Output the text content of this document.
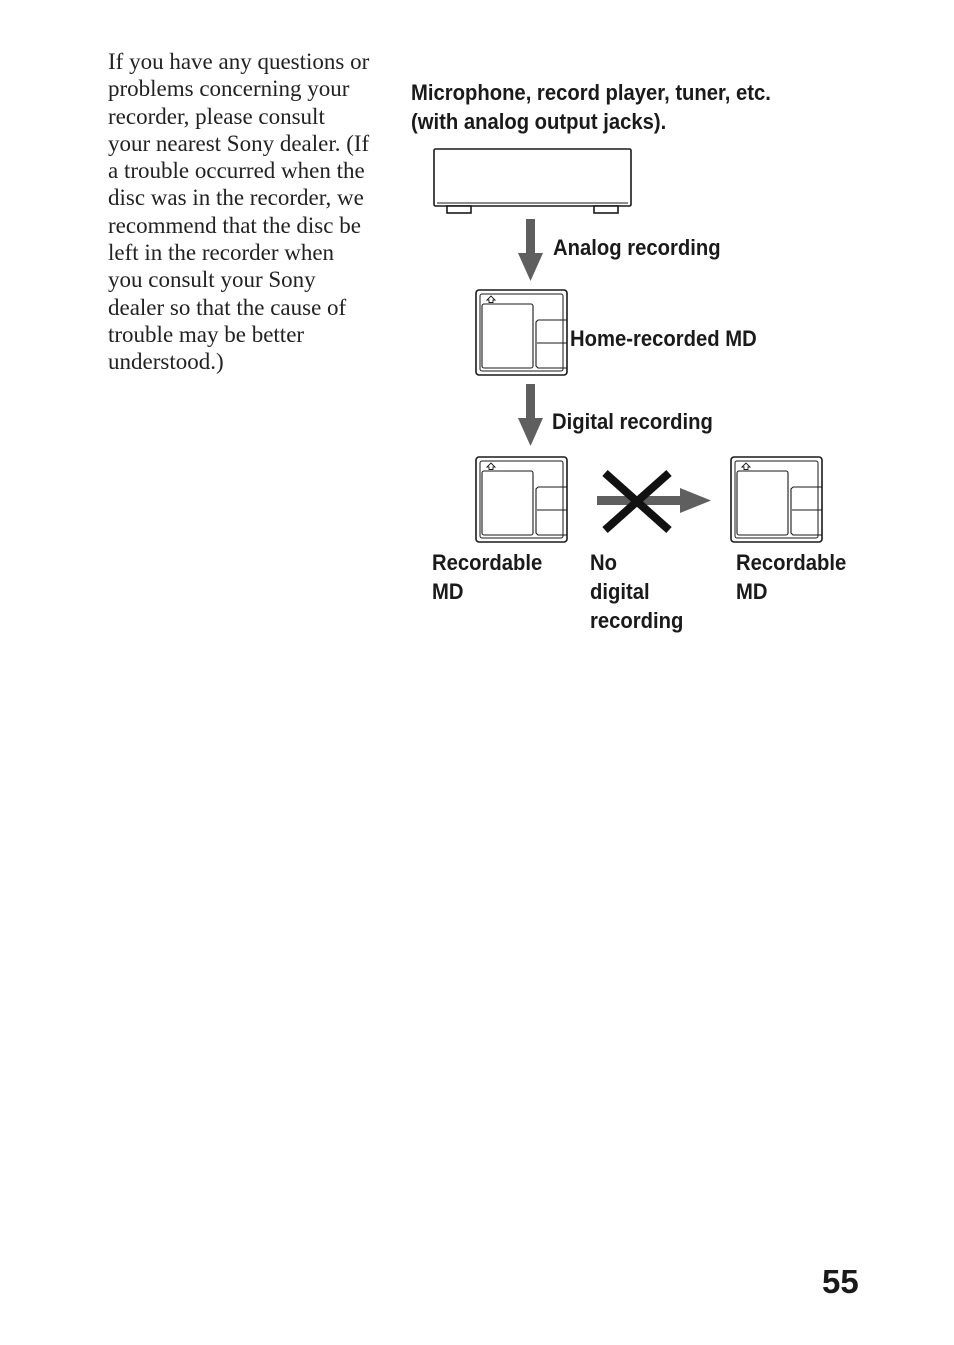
If you have any questions or
problems concerning your
recorder, please consult
your nearest Sony dealer. (If
a trouble occurred when the
disc was in the recorder, we
recommend that the disc be
left in the recorder when
you consult your Sony
dealer so that the cause of
trouble may be better
understood.)
Microphone, record player, tuner, etc.
(with analog output jacks).
Analog recording
Home-recorded MD
Digital recording
Recordable
MD
No
digital
recording
Recordable
MD
55
